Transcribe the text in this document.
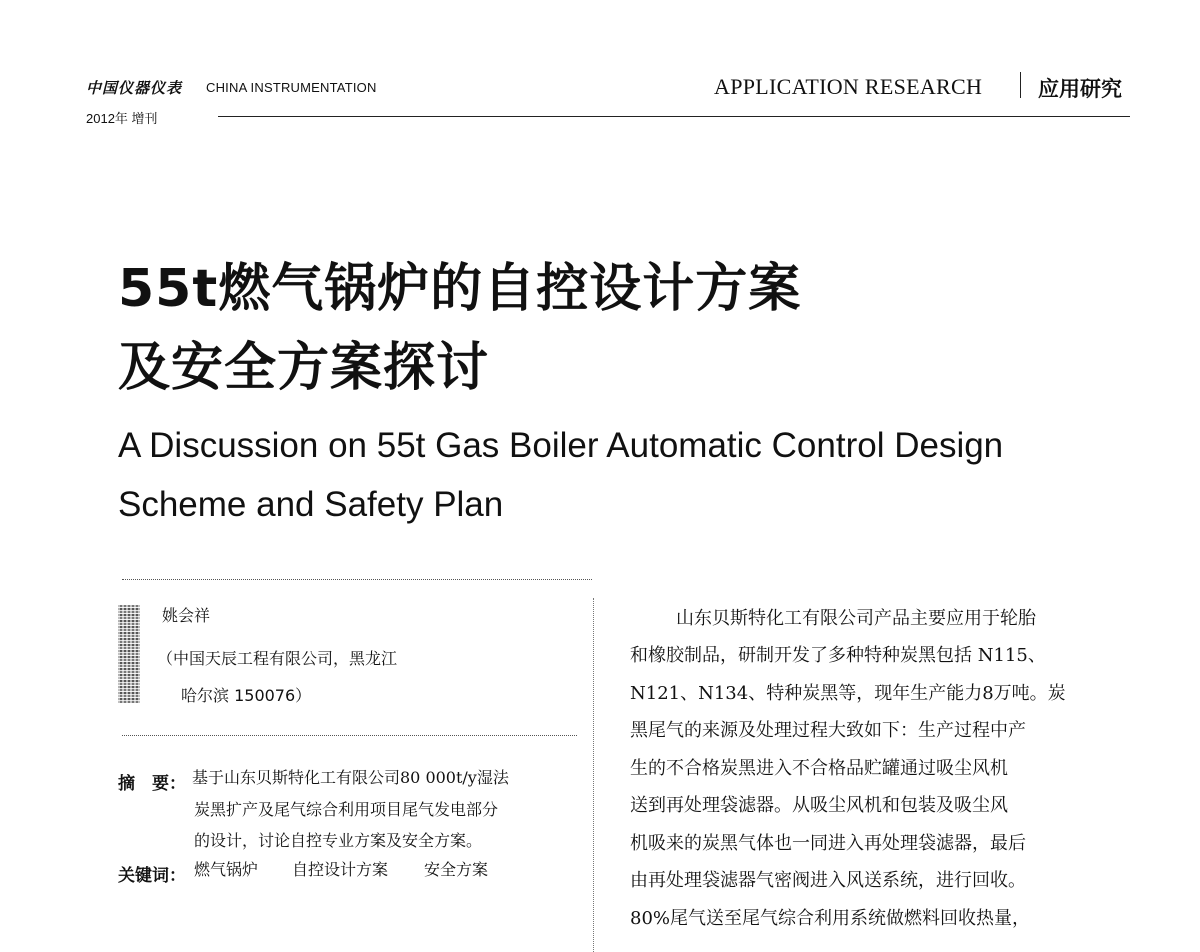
中国仪器仪表 CHINA INSTRUMENTATION
2012年 增刊
APPLICATION RESEARCH	应用研究
55t燃气锅炉的自控设计方案
及安全方案探讨
A Discussion on 55t Gas Boiler Automatic Control Design
Scheme and Safety Plan
姚会祥
（中国天辰工程有限公司，黑龙江
哈尔滨 150076）
摘　要： 基于山东贝斯特化工有限公司80 000t/y湿法
炭黑扩产及尾气综合利用项目尾气发电部分
的设计，讨论自控专业方案及安全方案。
关键词： 燃气锅炉 自控设计方案 安全方案
山东贝斯特化工有限公司产品主要应用于轮胎
和橡胶制品，研制开发了多种特种炭黑包括 N115、
N121、N134、特种炭黑等，现年生产能力8万吨。炭
黑尾气的来源及处理过程大致如下：生产过程中产
生的不合格炭黑进入不合格品贮罐通过吸尘风机
送到再处理袋滤器。从吸尘风机和包装及吸尘风
机吸来的炭黑气体也一同进入再处理袋滤器，最后
由再处理袋滤器气密阀进入风送系统，进行回收。
80%尾气送至尾气综合利用系统做燃料回收热量，
